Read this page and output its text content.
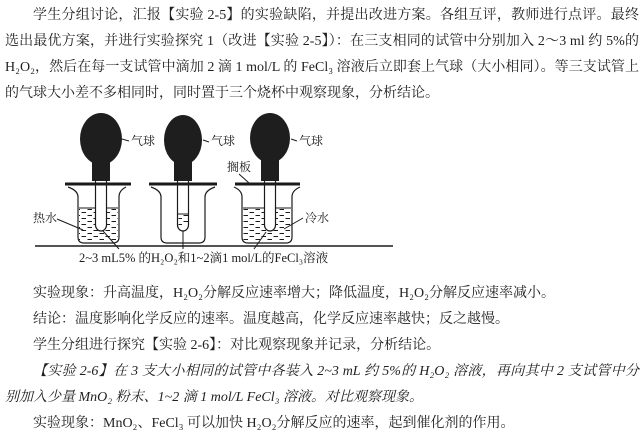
学生分组讨论，汇报【实验 2-5】的实验缺陷，并提出改进方案。各组互评，教师进行点评。最终选出最优方案，并进行实验探究 1（改进【实验 2-5】）：在三支相同的试管中分别加入 2～3 ml 约 5%的 H₂O₂，然后在每一支试管中滴加 2 滴 1 mol/L 的 FeCl₃ 溶液后立即套上气球（大小相同）。等三支试管上的气球大小差不多相同时，同时置于三个烧杯中观察现象，分析结论。

气球
热水
气球	气球
搁板
冷水
2~3 mL5% 的H₂O₂和1~2滴1 mol/L的FeCl₃溶液

实验现象：升高温度，H₂O₂分解反应速率增大；降低温度，H₂O₂分解反应速率减小。

结论：温度影响化学反应的速率。温度越高，化学反应速率越快；反之越慢。

学生分组进行探究【实验 2-6】：对比观察现象并记录，分析结论。

【实验 2-6】在 3 支大小相同的试管中各装入 2~3 mL 约 5%的 H₂O₂ 溶液，再向其中 2 支试管中分别加入少量 MnO₂ 粉末、1~2 滴 1 mol/L FeCl₃ 溶液。对比观察现象。

实验现象：MnO₂、FeCl₃ 可以加快 H₂O₂分解反应的速率，起到催化剂的作用。
